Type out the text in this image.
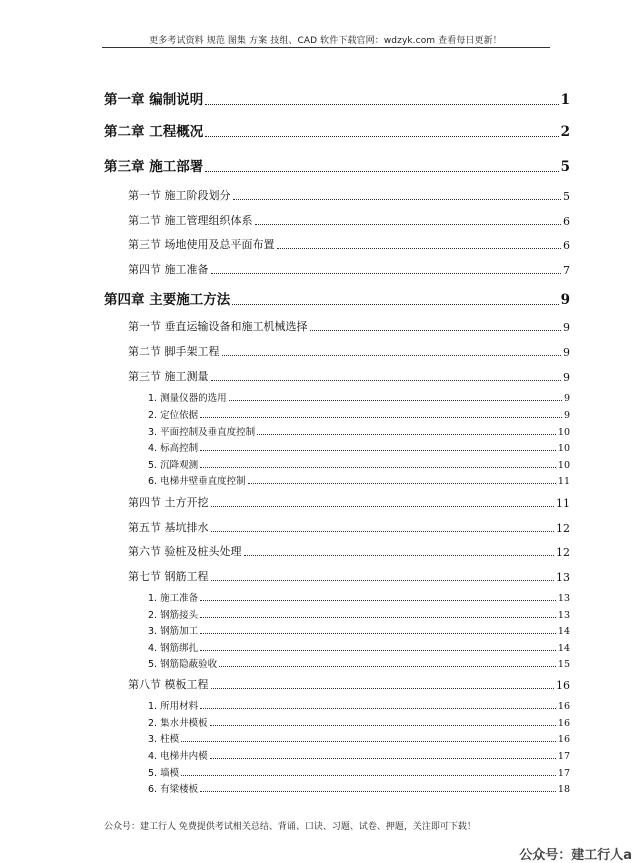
更多考试资料 规范 图集 方案 技组、CAD 软件下载官网：wdzyk.com 查看每日更新！
第一章 编制说明	1
第二章 工程概况	2
第三章 施工部署	5
第一节 施工阶段划分	5
第二节 施工管理组织体系	6
第三节 场地使用及总平面布置	6
第四节 施工准备	7
第四章 主要施工方法	9
第一节 垂直运输设备和施工机械选择	9
第二节 脚手架工程	9
第三节 施工测量	9
1. 测量仪器的选用	9
2. 定位依据	9
3. 平面控制及垂直度控制	10
4. 标高控制	10
5. 沉降观测	10
6. 电梯井壁垂直度控制	11
第四节 土方开挖	11
第五节 基坑排水	12
第六节 验桩及桩头处理	12
第七节 钢筋工程	13
1. 施工准备	13
2. 钢筋接头	13
3. 钢筋加工	14
4. 钢筋绑扎	14
5. 钢筋隐蔽验收	15
第八节 模板工程	16
1. 所用材料	16
2. 集水井模板	16
3. 柱模	16
4. 电梯井内模	17
5. 墙模	17
6. 有梁楼板	18
公众号：建工行人 免费提供考试相关总结、背诵、口诀、习题、试卷、押题，关注即可下载！
公众号：建工行人a
